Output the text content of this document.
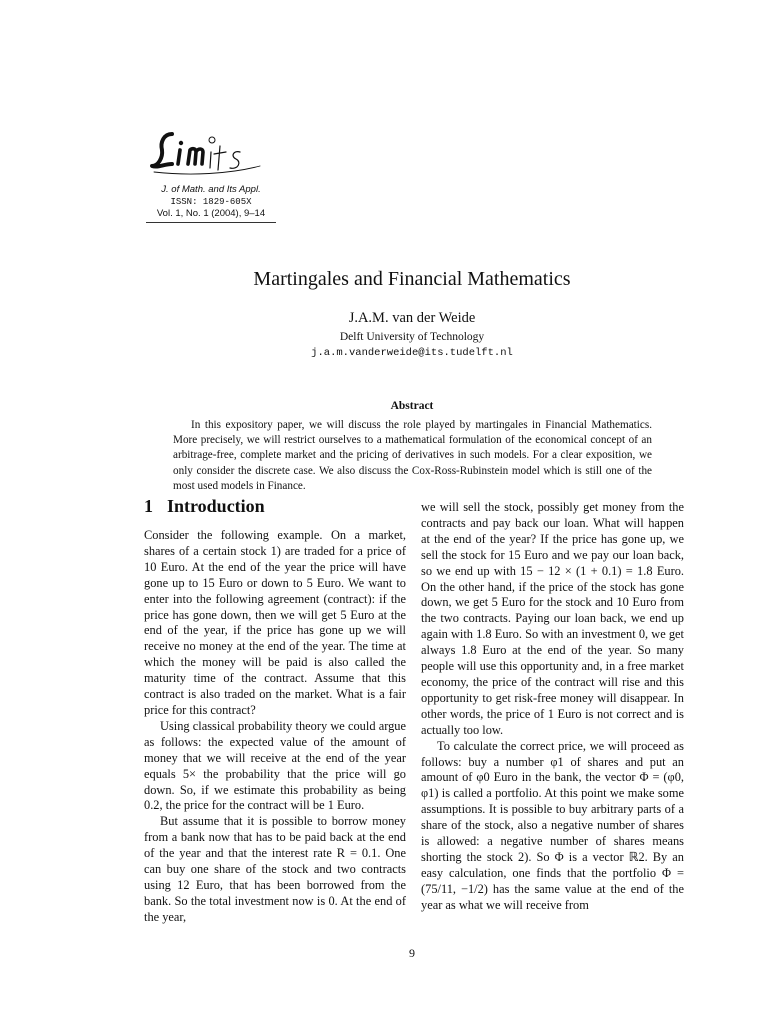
J. of Math. and Its Appl.
ISSN: 1829-605X
Vol. 1, No. 1 (2004), 9–14
Martingales and Financial Mathematics
J.A.M. van der Weide
Delft University of Technology
j.a.m.vanderweide@its.tudelft.nl
Abstract
In this expository paper, we will discuss the role played by martingales in Financial Mathematics. More precisely, we will restrict ourselves to a mathematical formulation of the economical concept of an arbitrage-free, complete market and the pricing of derivatives in such models. For a clear exposition, we only consider the discrete case. We also discuss the Cox-Ross-Rubinstein model which is still one of the most used models in Finance.
1 Introduction

Consider the following example. On a market, shares of a certain stock 1) are traded for a price of 10 Euro. At the end of the year the price will have gone up to 15 Euro or down to 5 Euro. We want to enter into the following agreement (contract): if the price has gone down, then we will get 5 Euro at the end of the year, if the price has gone up we will receive no money at the end of the year. The time at which the money will be paid is also called the maturity time of the contract. Assume that this contract is also traded on the market. What is a fair price for this contract?

Using classical probability theory we could argue as follows: the expected value of the amount of money that we will receive at the end of the year equals 5× the probability that the price will go down. So, if we estimate this probability as being 0.2, the price for the contract will be 1 Euro.

But assume that it is possible to borrow money from a bank now that has to be paid back at the end of the year and that the interest rate R = 0.1. One can buy one share of the stock and two contracts using 12 Euro, that has been borrowed from the bank. So the total investment now is 0. At the end of the year,

we will sell the stock, possibly get money from the contracts and pay back our loan. What will happen at the end of the year? If the price has gone up, we sell the stock for 15 Euro and we pay our loan back, so we end up with 15 − 12 × (1 + 0.1) = 1.8 Euro. On the other hand, if the price of the stock has gone down, we get 5 Euro for the stock and 10 Euro from the two contracts. Paying our loan back, we end up again with 1.8 Euro. So with an investment 0, we get always 1.8 Euro at the end of the year. So many people will use this opportunity and, in a free market economy, the price of the contract will rise and this opportunity to get risk-free money will disappear. In other words, the price of 1 Euro is not correct and is actually too low.

To calculate the correct price, we will proceed as follows: buy a number φ1 of shares and put an amount of φ0 Euro in the bank, the vector Φ = (φ0, φ1) is called a portfolio. At this point we make some assumptions. It is possible to buy arbitrary parts of a share of the stock, also a negative number of shares is allowed: a negative number of shares means shorting the stock 2). So Φ is a vector ℝ2. By an easy calculation, one finds that the portfolio Φ = (75/11, −1/2) has the same value at the end of the year as what we will receive from

9
